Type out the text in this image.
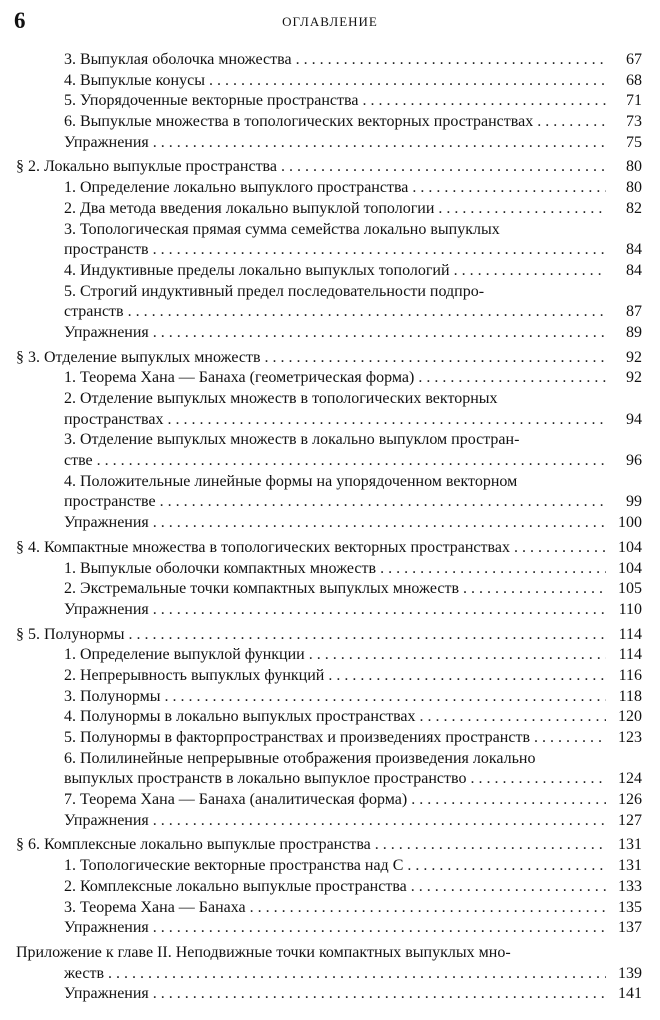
6	ОГЛАВЛЕНИЕ
3. Выпуклая оболочка множества . . .	67
4. Выпуклые конусы . . .	68
5. Упорядоченные векторные пространства . . .	71
6. Выпуклые множества в топологических векторных пространствах . . .	73
Упражнения . . .	75
§ 2. Локально выпуклые пространства . . .	80
1. Определение локально выпуклого пространства . . .	80
2. Два метода введения локально выпуклой топологии . . .	82
3. Топологическая прямая сумма семейства локально выпуклых
пространств . . .	84
4. Индуктивные пределы локально выпуклых топологий . . .	84
5. Строгий индуктивный предел последовательности подпро-
странств . . .	87
Упражнения . . .	89
§ 3. Отделение выпуклых множеств . . .	92
1. Теорема Хана — Банаха (геометрическая форма) . . .	92
2. Отделение выпуклых множеств в топологических векторных
пространствах . . .	94
3. Отделение выпуклых множеств в локально выпуклом простран-
стве . . .	96
4. Положительные линейные формы на упорядоченном векторном
пространстве . . .	99
Упражнения . . .	100
§ 4. Компактные множества в топологических векторных пространствах . . .	104
1. Выпуклые оболочки компактных множеств . . .	104
2. Экстремальные точки компактных выпуклых множеств . . .	105
Упражнения . . .	110
§ 5. Полунормы . . .	114
1. Определение выпуклой функции . . .	114
2. Непрерывность выпуклых функций . . .	116
3. Полунормы . . .	118
4. Полунормы в локально выпуклых пространствах . . .	120
5. Полунормы в факторпространствах и произведениях пространств . . .	123
6. Полилинейные непрерывные отображения произведения локально
выпуклых пространств в локально выпуклое пространство . . .	124
7. Теорема Хана — Банаха (аналитическая форма) . . .	126
Упражнения . . .	127
§ 6. Комплексные локально выпуклые пространства . . .	131
1. Топологические векторные пространства над C . . .	131
2. Комплексные локально выпуклые пространства . . .	133
3. Теорема Хана — Банаха . . .	135
Упражнения . . .	137
Приложение к главе II. Неподвижные точки компактных выпуклых мно-
жеств . . .	139
Упражнения . . .	141
